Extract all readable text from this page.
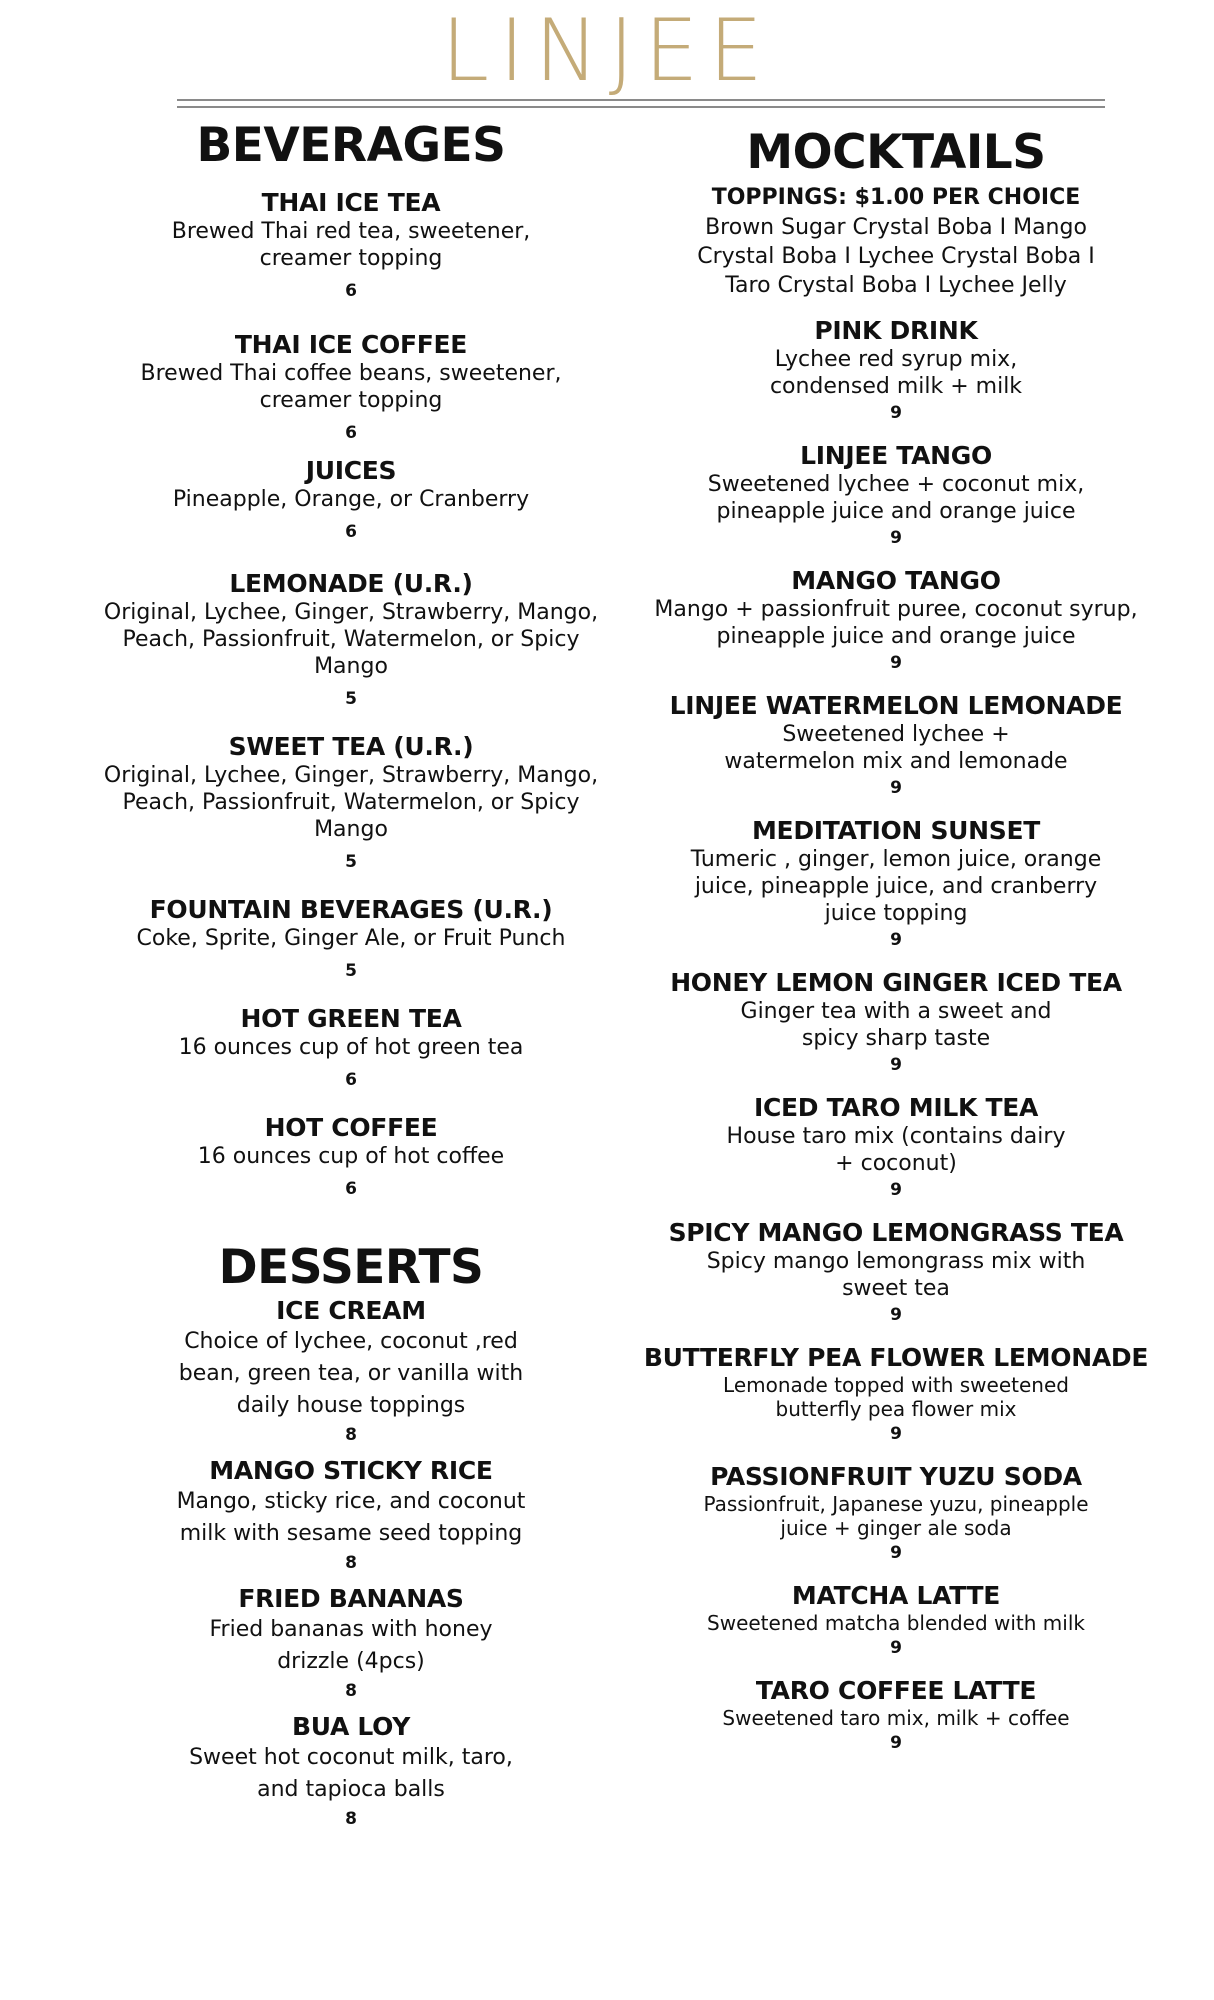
LINJEE
BEVERAGES
THAI ICE TEA
Brewed Thai red tea, sweetener, creamer topping
6
THAI ICE COFFEE
Brewed Thai coffee beans, sweetener, creamer topping
6
JUICES
Pineapple, Orange, or Cranberry
6
LEMONADE (U.R.)
Original, Lychee, Ginger, Strawberry, Mango, Peach, Passionfruit, Watermelon, or Spicy Mango
5
SWEET TEA (U.R.)
Original, Lychee, Ginger, Strawberry, Mango, Peach, Passionfruit, Watermelon, or Spicy Mango
5
FOUNTAIN BEVERAGES (U.R.)
Coke, Sprite, Ginger Ale, or Fruit Punch
5
HOT GREEN TEA
16 ounces cup of hot green tea
6
HOT COFFEE
16 ounces cup of hot coffee
6
DESSERTS
ICE CREAM
Choice of lychee, coconut ,red bean, green tea, or vanilla with daily house toppings
8
MANGO STICKY RICE
Mango, sticky rice, and coconut milk with sesame seed topping
8
FRIED BANANAS
Fried bananas with honey drizzle (4pcs)
8
BUA LOY
Sweet hot coconut milk, taro, and tapioca balls
8
MOCKTAILS
TOPPINGS: $1.00 PER CHOICE
Brown Sugar Crystal Boba I Mango Crystal Boba I Lychee Crystal Boba I Taro Crystal Boba I Lychee Jelly
PINK DRINK
Lychee red syrup mix, condensed milk + milk
9
LINJEE TANGO
Sweetened lychee + coconut mix, pineapple juice and orange juice
9
MANGO TANGO
Mango + passionfruit puree, coconut syrup, pineapple juice and orange juice
9
LINJEE WATERMELON LEMONADE
Sweetened lychee + watermelon mix and lemonade
9
MEDITATION SUNSET
Tumeric , ginger, lemon juice, orange juice, pineapple juice, and cranberry juice topping
9
HONEY LEMON GINGER ICED TEA
Ginger tea with a sweet and spicy sharp taste
9
ICED TARO MILK TEA
House taro mix (contains dairy + coconut)
9
SPICY MANGO LEMONGRASS TEA
Spicy mango lemongrass mix with sweet tea
9
BUTTERFLY PEA FLOWER LEMONADE
Lemonade topped with sweetened butterfly pea flower mix
9
PASSIONFRUIT YUZU SODA
Passionfruit, Japanese yuzu, pineapple juice + ginger ale soda
9
MATCHA LATTE
Sweetened matcha blended with milk
9
TARO COFFEE LATTE
Sweetened taro mix, milk + coffee
9
